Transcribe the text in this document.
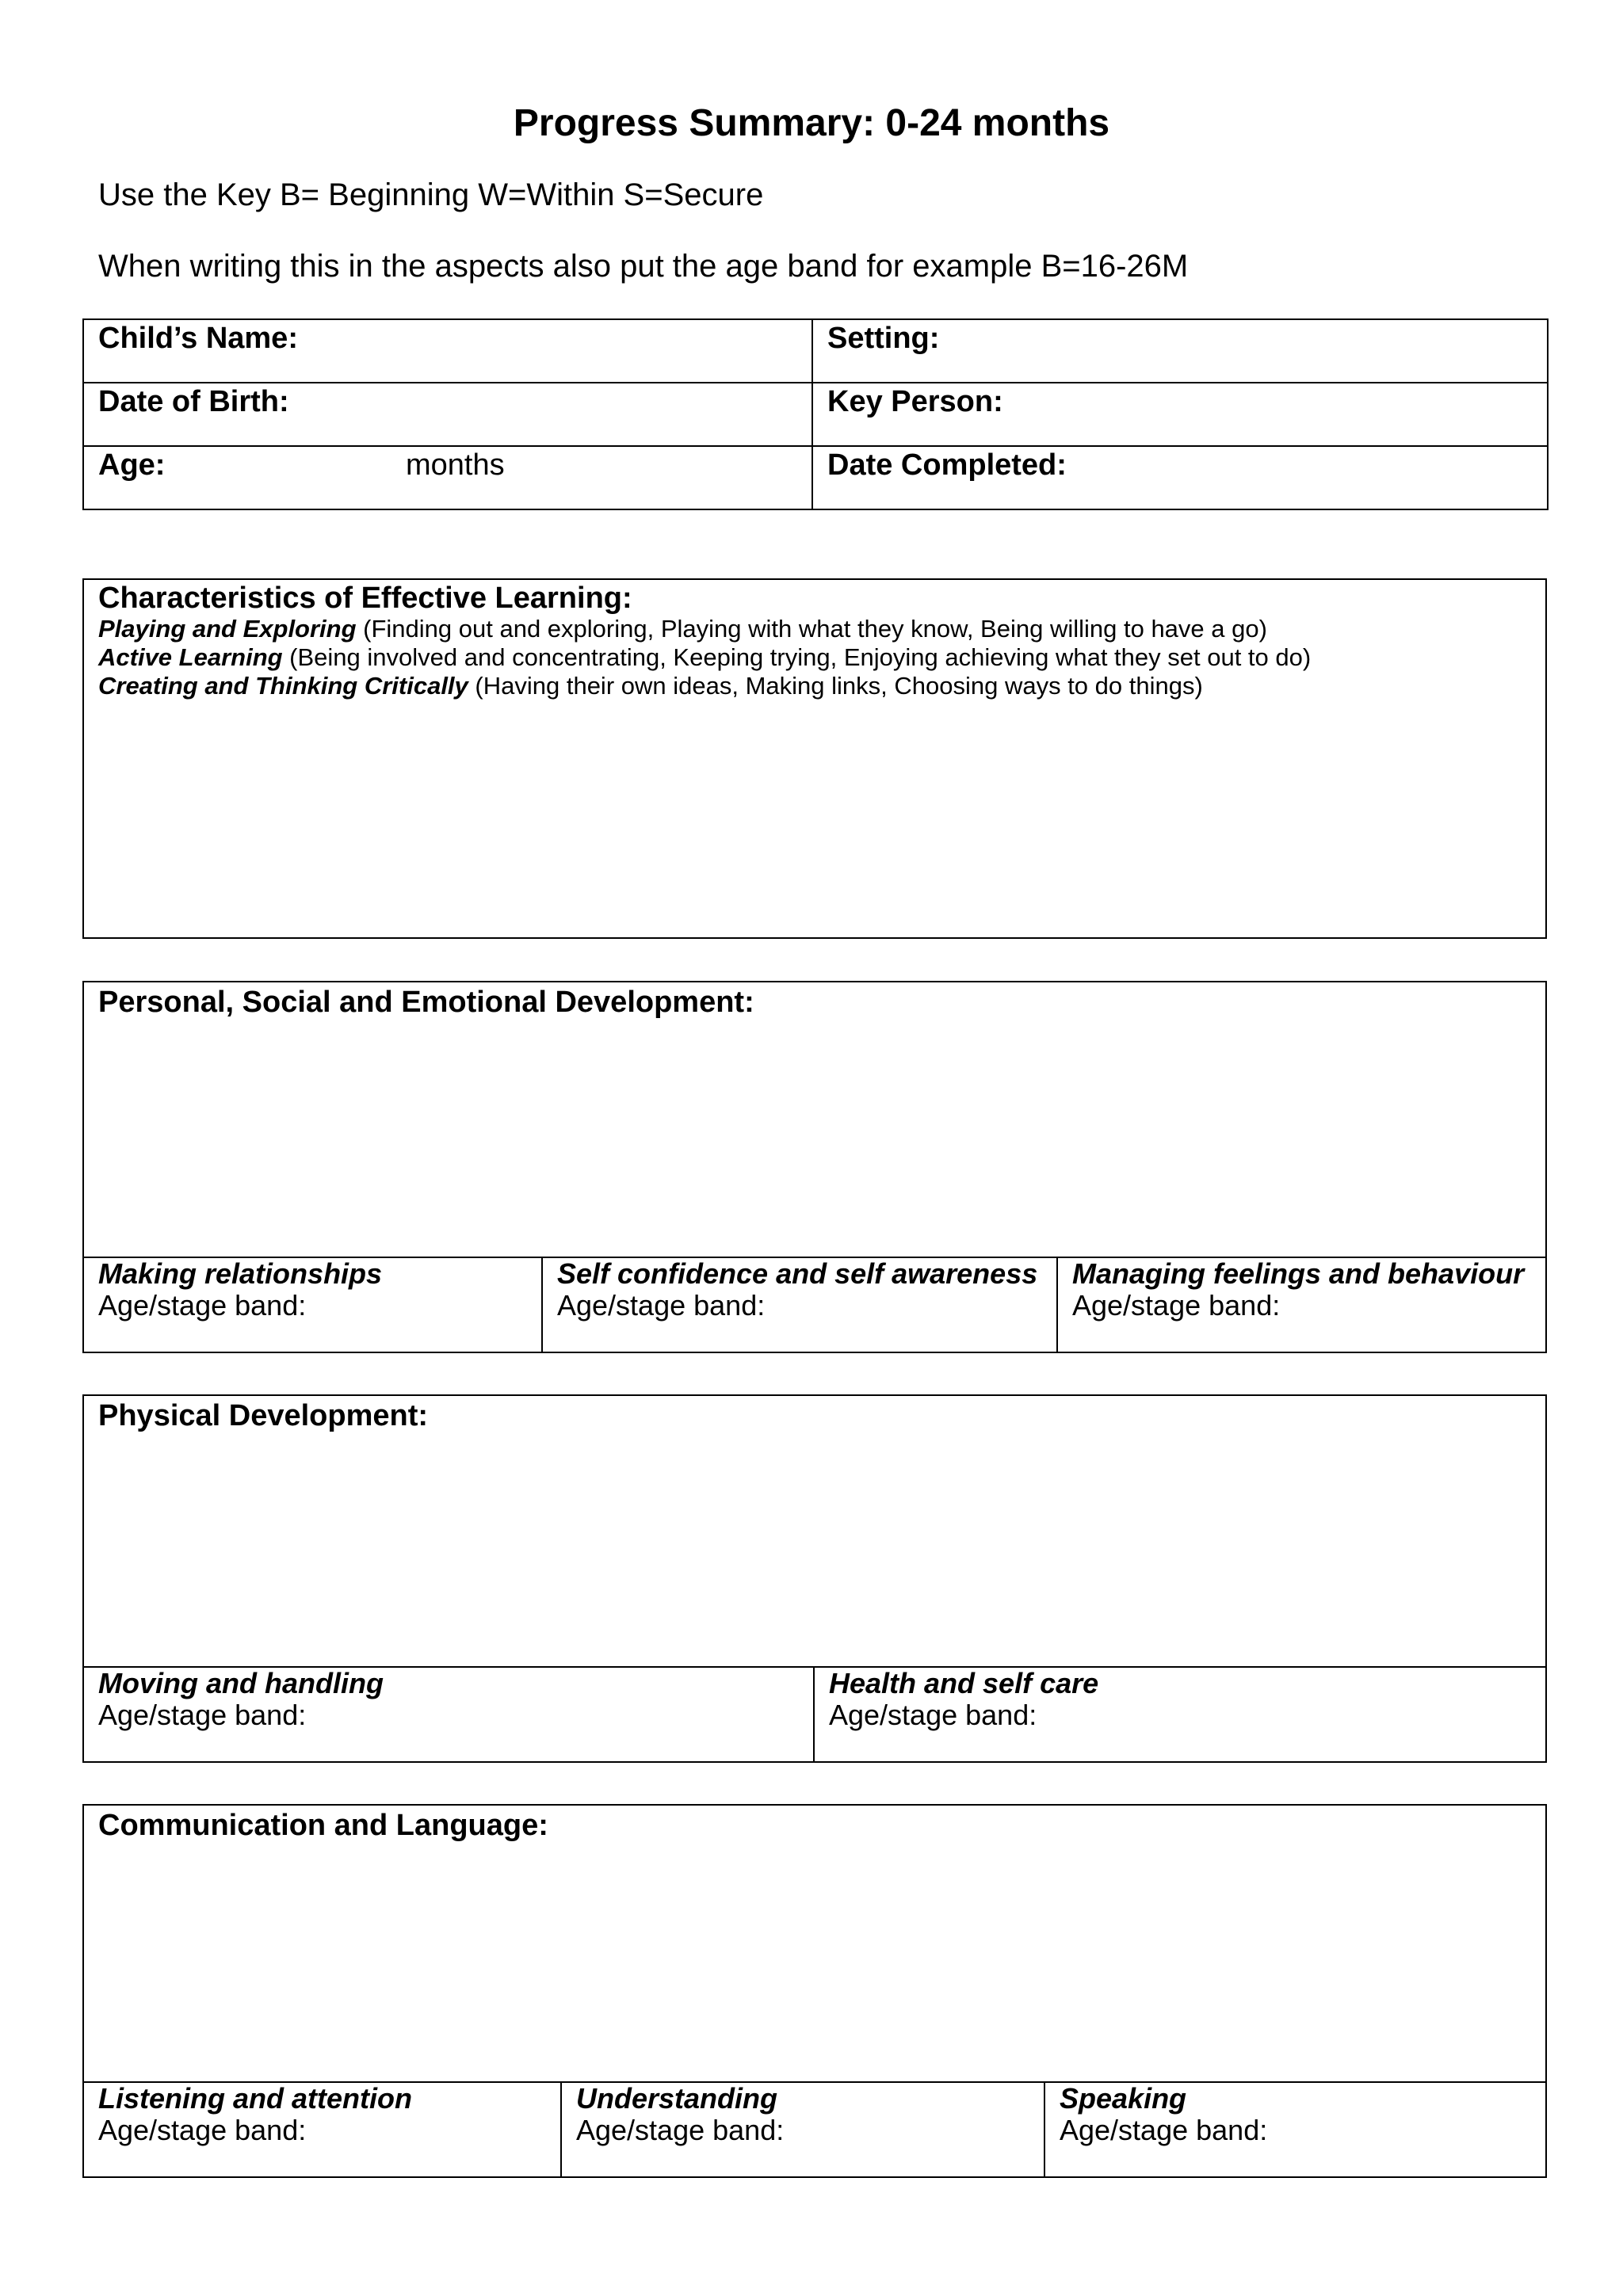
Progress Summary: 0-24 months
Use the Key B= Beginning W=Within S=Secure
When writing this in the aspects also put the age band for example B=16-26M
Child’s Name:	Setting:
Date of Birth:	Key Person:
Age: months	Date Completed:
Characteristics of Effective Learning:
Playing and Exploring (Finding out and exploring, Playing with what they know, Being willing to have a go)
Active Learning (Being involved and concentrating, Keeping trying, Enjoying achieving what they set out to do)
Creating and Thinking Critically (Having their own ideas, Making links, Choosing ways to do things)
Personal, Social and Emotional Development:
Making relationships
Age/stage band:
Self confidence and self awareness
Age/stage band:
Managing feelings and behaviour
Age/stage band:
Physical Development:
Moving and handling
Age/stage band:
Health and self care
Age/stage band:
Communication and Language:
Listening and attention
Age/stage band:
Understanding
Age/stage band:
Speaking
Age/stage band:
